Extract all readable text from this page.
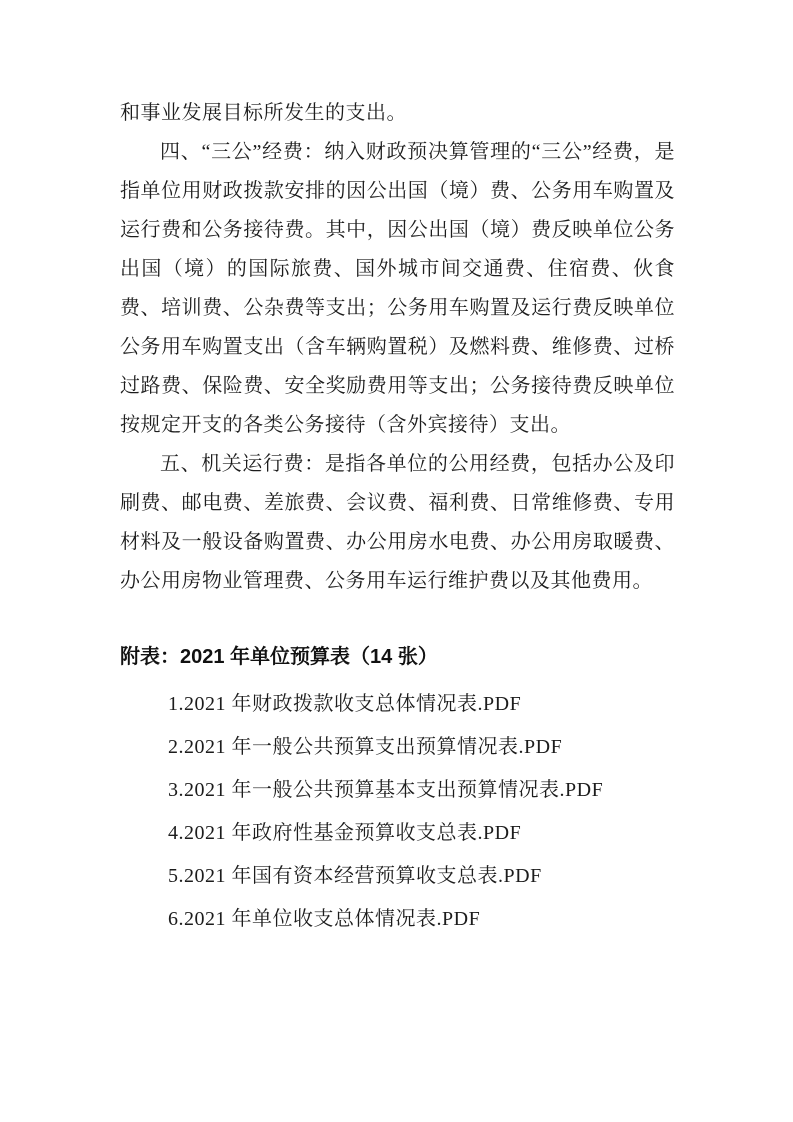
和事业发展目标所发生的支出。

四、“三公”经费：纳入财政预决算管理的“三公”经费，是指单位用财政拨款安排的因公出国（境）费、公务用车购置及运行费和公务接待费。其中，因公出国（境）费反映单位公务出国（境）的国际旅费、国外城市间交通费、住宿费、伙食费、培训费、公杂费等支出；公务用车购置及运行费反映单位公务用车购置支出（含车辆购置税）及燃料费、维修费、过桥过路费、保险费、安全奖励费用等支出；公务接待费反映单位按规定开支的各类公务接待（含外宾接待）支出。

五、机关运行费：是指各单位的公用经费，包括办公及印刷费、邮电费、差旅费、会议费、福利费、日常维修费、专用材料及一般设备购置费、办公用房水电费、办公用房取暖费、办公用房物业管理费、公务用车运行维护费以及其他费用。

附表：2021 年单位预算表（14 张）

1.2021 年财政拨款收支总体情况表.PDF

2.2021 年一般公共预算支出预算情况表.PDF

3.2021 年一般公共预算基本支出预算情况表.PDF

4.2021 年政府性基金预算收支总表.PDF

5.2021 年国有资本经营预算收支总表.PDF

6.2021 年单位收支总体情况表.PDF
